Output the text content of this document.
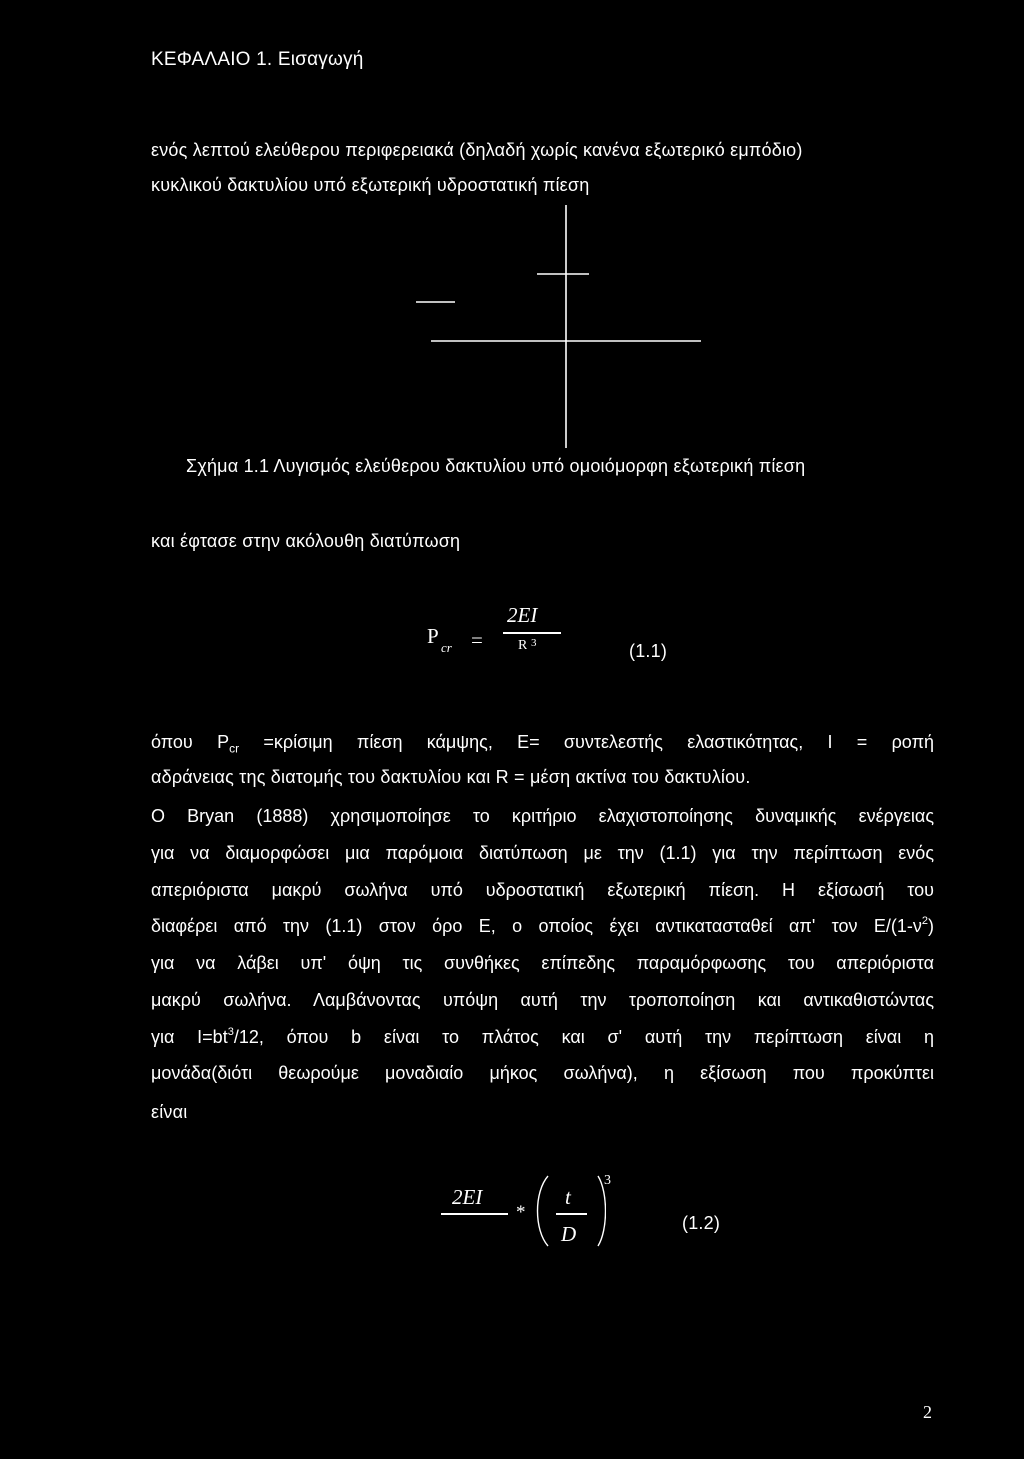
ΚΕΦΑΛΑΙΟ 1. Εισαγωγή
ενός λεπτού ελεύθερου περιφερειακά (δηλαδή χωρίς κανένα εξωτερικό εμπόδιο)
κυκλικού δακτυλίου υπό εξωτερική υδροστατική πίεση
Σχήμα 1.1 Λυγισμός ελεύθερου δακτυλίου υπό ομοιόμορφη εξωτερική πίεση
και έφτασε στην ακόλουθη διατύπωση
P cr =
2EI
R 3	(1.1)
όπου $P_{cr} =\kappa\rho ί\sigma\iota\mu\eta$ πίεση κάμψης, Ε= συντελεστής ελαστικότητας, I = ροπή
αδράνειας της διατομής του δακτυλίου και R = μέση ακτίνα του δακτυλίου.
O Bryan (1888) χρησιμοποίησε το κριτήριο ελαχιστοποίησης δυναμικής ενέργειας
για να διαμορφώσει μια παρόμοια διατύπωση με την (1.1) για την περίπτωση ενός
απεριόριστα μακρύ σωλήνα υπό υδροστατική εξωτερική πίεση. Η εξίσωσή του
διαφέρει από την (1.1) στον όρο Ε, ο οποίος έχει αντικατασταθεί απ' τον $E/(1-\nu^2)$
για να λάβει υπ' όψη τις συνθήκες επίπεδης παραμόρφωσης του απεριόριστα
μακρύ σωλήνα. Λαμβάνοντας υπόψη αυτή την τροποποίηση και αντικαθιστώντας
για $I=bt^3/12$, όπου b είναι το πλάτος και σ' αυτή την περίπτωση είναι η
μονάδα(διότι θεωρούμε μοναδιαίο μήκος σωλήνα), η εξίσωση που προκύπτει
είναι
2EI
*
t
D
3
(1.2)
2
